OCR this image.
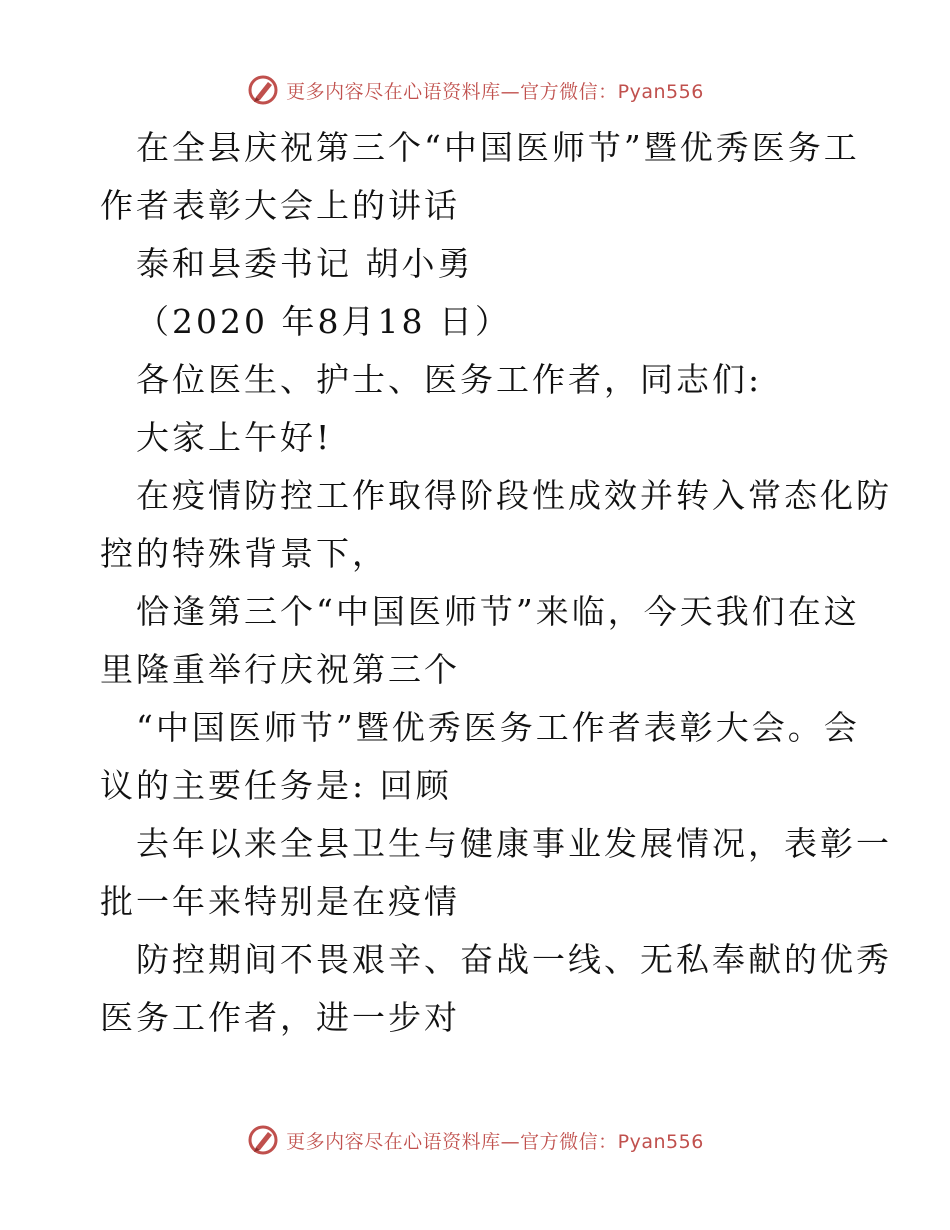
更多内容尽在心语资料库—官方微信：Pyan556
在全县庆祝第三个“中国医师节”暨优秀医务工
作者表彰大会上的讲话
泰和县委书记 胡小勇
（2020 年8月18 日）
各位医生、护士、医务工作者，同志们:
大家上午好!
在疫情防控工作取得阶段性成效并转入常态化防
控的特殊背景下，
恰逢第三个“中国医师节”来临，今天我们在这
里隆重举行庆祝第三个
“中国医师节”暨优秀医务工作者表彰大会。会
议的主要任务是: 回顾
去年以来全县卫生与健康事业发展情况，表彰一
批一年来特别是在疫情
防控期间不畏艰辛、奋战一线、无私奉献的优秀
医务工作者，进一步对
更多内容尽在心语资料库—官方微信：Pyan556
